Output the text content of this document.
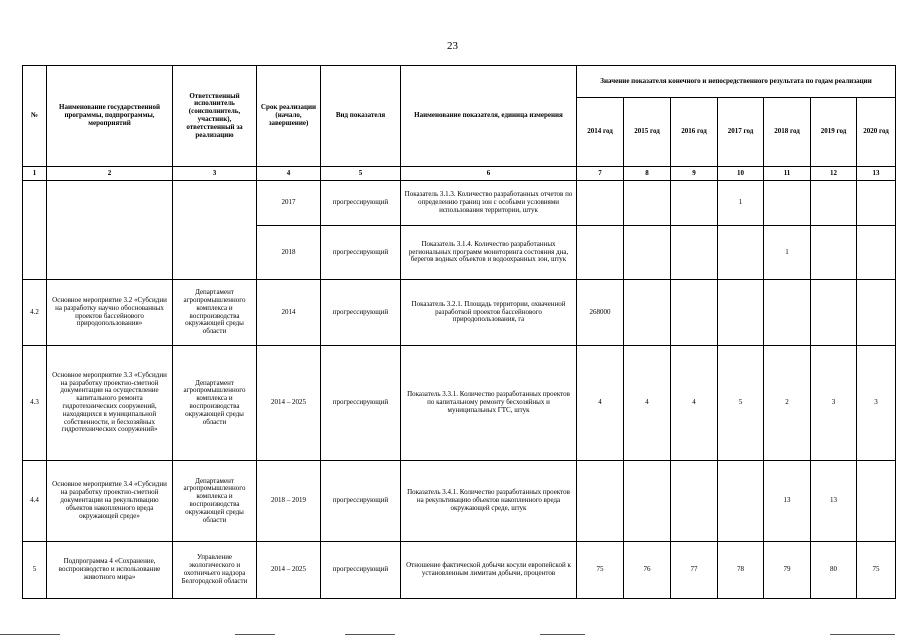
23
№	Наименование государственной программы, подпрограммы, мероприятий	Ответственный исполнитель (соисполнитель, участник), ответственный за реализацию	Срок реализации (начало, завершение)	Вид показателя	Наименование показателя, единица измерения	Значение показателя конечного и непосредственного результата по годам реализации						
						2014 год	2015 год	2016 год	2017 год	2018 год	2019 год	2020 год
1	2	3	4	5	6	7	8	9	10	11	12	13
			2017	прогрессирующий	Показатель 3.1.3. Количество разработанных отчетов по определению границ зон с особыми условиями использования территории, штук				1			
			2018	прогрессирующий	Показатель 3.1.4. Количество разработанных региональных программ мониторинга состояния дна, берегов водных объектов и водоохранных зон, штук					1		
4.2	Основное мероприятие 3.2 «Субсидии на разработку научно обоснованных проектов бассейнового природопользования»	Департамент агропромышленного комплекса и воспроизводства окружающей среды области	2014	прогрессирующий	Показатель 3.2.1. Площадь территории, охваченной разработкой проектов бассейнового природопользования, га	268000						
4.3	Основное мероприятие 3.3 «Субсидии на разработку проектно-сметной документации на осуществление капитального ремонта гидротехнических сооружений, находящихся в муниципальной собственности, и бесхозяйных гидротехнических сооружений»	Департамент агропромышленного комплекса и воспроизводства окружающей среды области	2014 – 2025	прогрессирующий	Показатель 3.3.1. Количество разработанных проектов по капитальному ремонту бесхозяйных и муниципальных ГТС, штук	4	4	4	5	2	3	3
4.4	Основное мероприятие 3.4 «Субсидии на разработку проектно-сметной документации на рекультивацию объектов накопленного вреда окружающей среде»	Департамент агропромышленного комплекса и воспроизводства окружающей среды области	2018 – 2019	прогрессирующий	Показатель 3.4.1. Количество разработанных проектов на рекультивацию объектов накопленного вреда окружающей среде, штук					13	13	
5	Подпрограмма 4 «Сохранение, воспроизводство и использование животного мира»	Управление экологического и охотничьего надзора Белгородской области	2014 – 2025	прогрессирующий	Отношение фактической добычи косули европейской к установленным лимитам добычи, процентов	75	76	77	78	79	80	75
